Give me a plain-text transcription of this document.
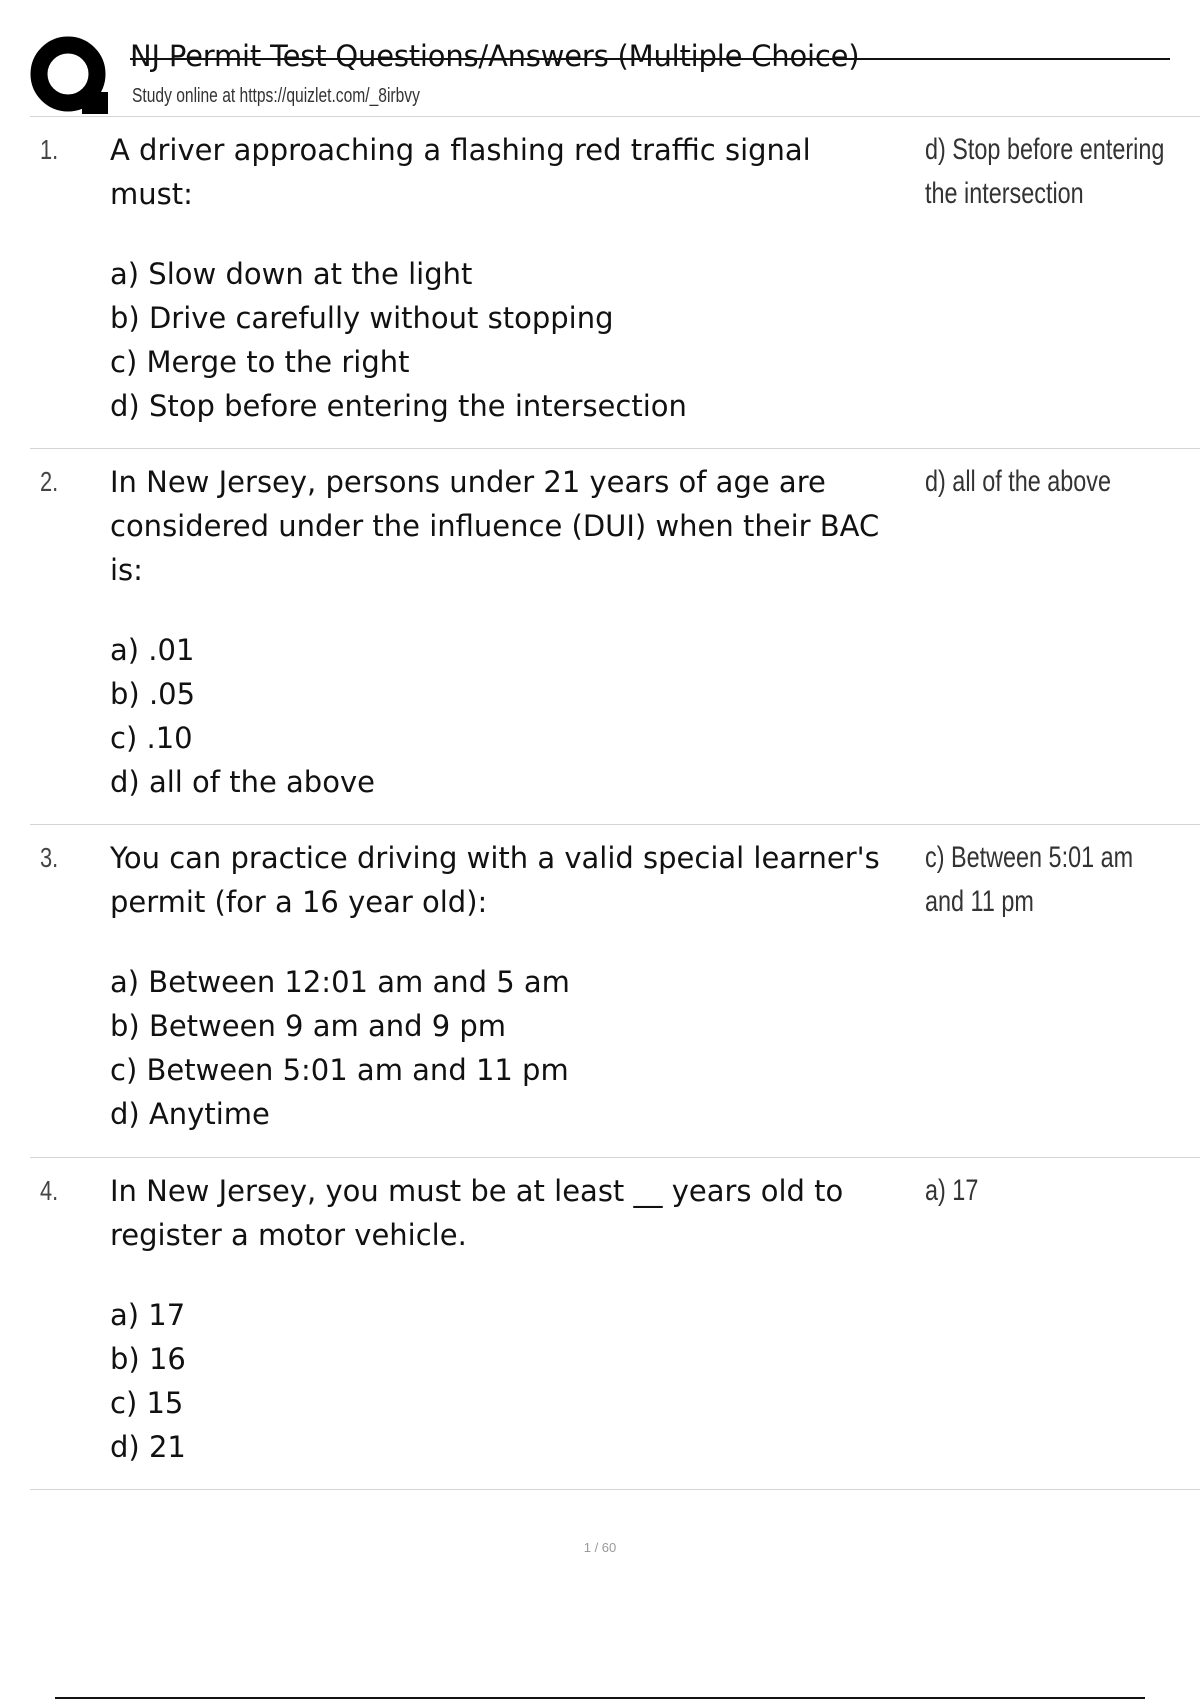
NJ Permit Test Questions/Answers (Multiple Choice)
Study online at https://quizlet.com/_8irbvy
1. A driver approaching a flashing red traffic signal must:
a) Slow down at the light
b) Drive carefully without stopping
c) Merge to the right
d) Stop before entering the intersection
d) Stop before entering the intersection
2. In New Jersey, persons under 21 years of age are considered under the influence (DUI) when their BAC is:
a) .01
b) .05
c) .10
d) all of the above
d) all of the above
3. You can practice driving with a valid special learner's permit (for a 16 year old):
a) Between 12:01 am and 5 am
b) Between 9 am and 9 pm
c) Between 5:01 am and 11 pm
d) Anytime
c) Between 5:01 am and 11 pm
4. In New Jersey, you must be at least __ years old to register a motor vehicle.
a) 17
b) 16
c) 15
d) 21
a) 17
1 / 60
